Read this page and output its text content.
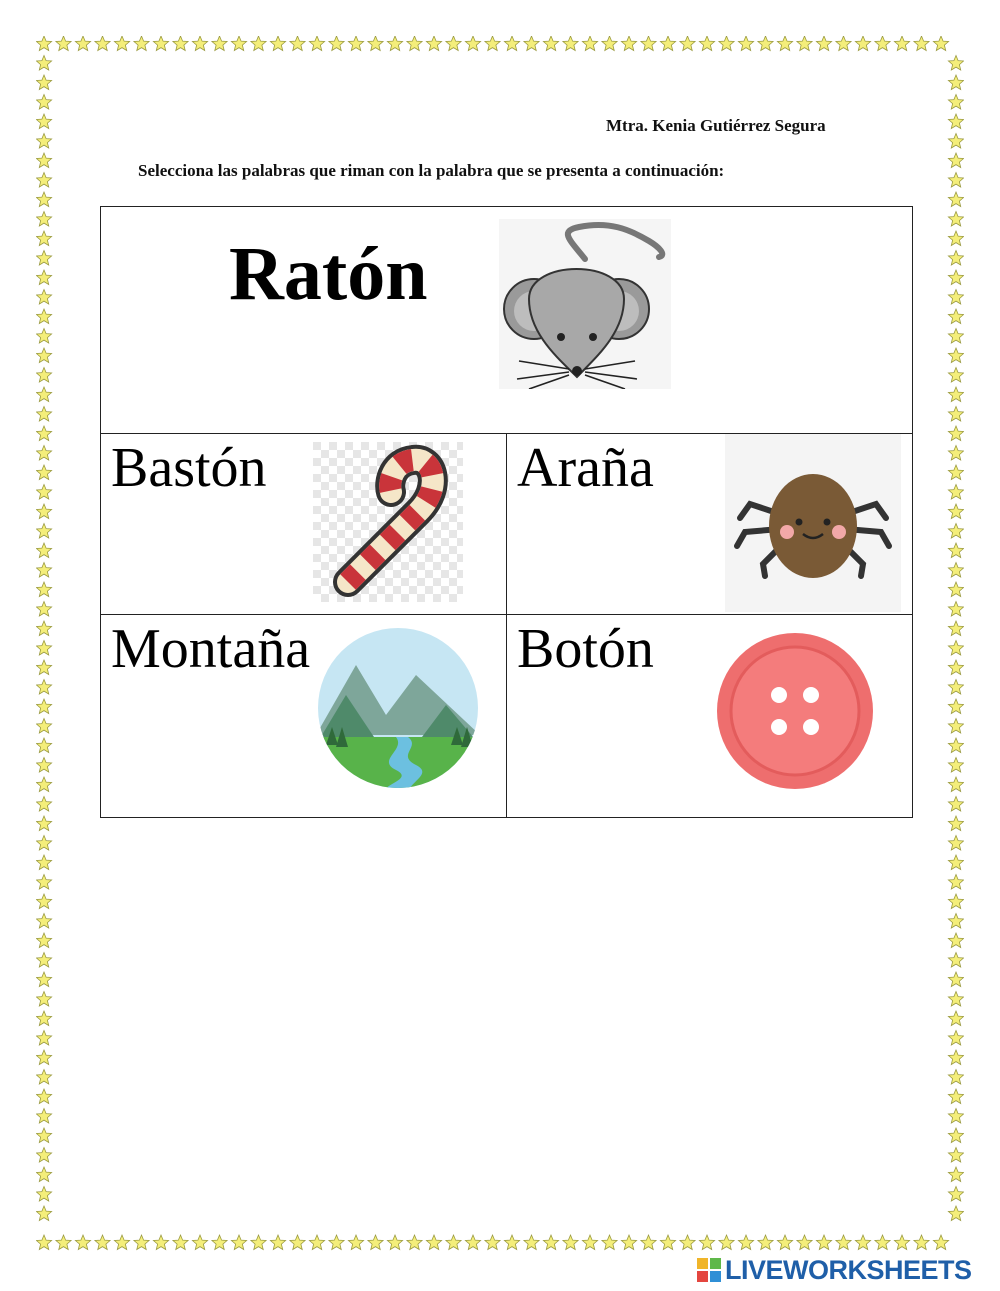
Mtra. Kenia Gutiérrez Segura
Selecciona las palabras que riman con la palabra que se presenta a continuación:
Ratón
Bastón	Araña
Montaña	Botón
LIVEWORKSHEETS
